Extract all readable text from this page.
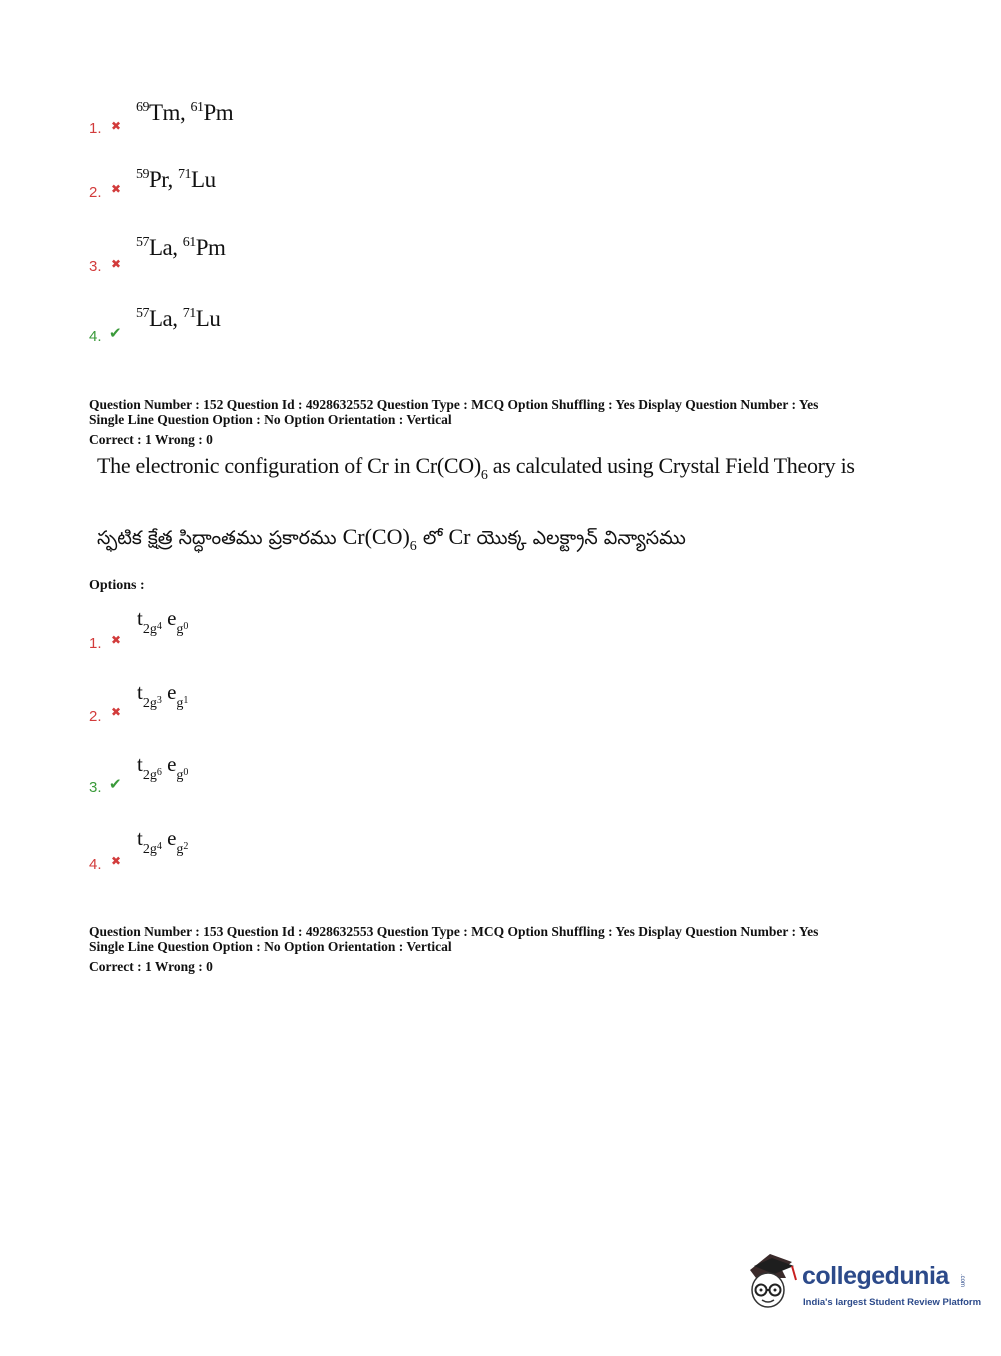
1. ✖
$^{69}$Tm, $^{61}$Pm
2. ✖
$^{59}$Pr, $^{71}$Lu
3. ✖
$^{57}$La, $^{61}$Pm
4. ✔
$^{57}$La, $^{71}$Lu
Question Number : 152 Question Id : 4928632552 Question Type : MCQ Option Shuffling : Yes Display Question Number : Yes
Single Line Question Option : No Option Orientation : Vertical
Correct : 1 Wrong : 0
The electronic configuration of Cr in $Cr(CO)_6$ as calculated using Crystal Field Theory is
స్ఫటిక క్షేత్ర సిద్ధాంతము ప్రకారము $Cr(CO)_6$ లో Cr యొక్క ఎలక్ట్రాన్ విన్యాసము
Options :
1. ✖
$t_{2g^4}$ $e_{g^0}$
2. ✖
$t_{2g^3}$ $e_{g^1}$
3. ✔
$t_{2g^6}$ $e_{g^0}$
4. ✖
$t_{2g^4}$ $e_{g^2}$
Question Number : 153 Question Id : 4928632553 Question Type : MCQ Option Shuffling : Yes Display Question Number : Yes
Single Line Question Option : No Option Orientation : Vertical
Correct : 1 Wrong : 0
collegedunia .com
India's largest Student Review Platform
